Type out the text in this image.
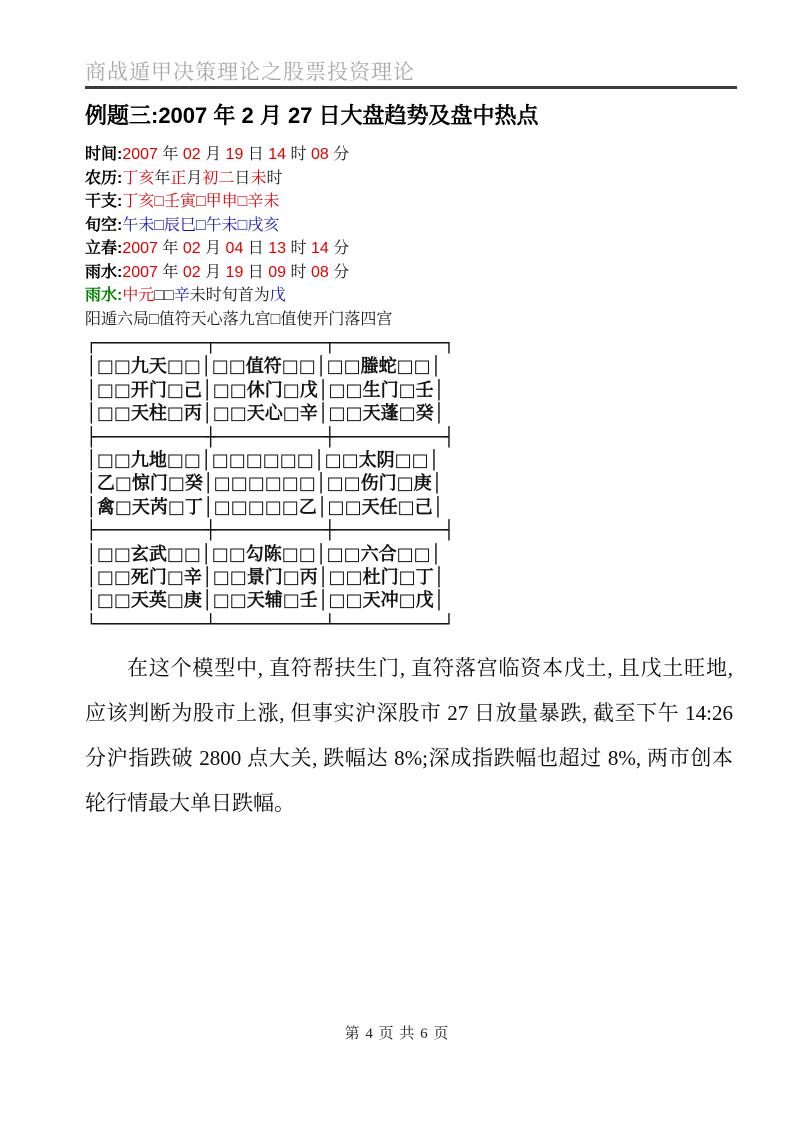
商战遁甲决策理论之股票投资理论
例题三:2007 年 2 月 27 日大盘趋势及盘中热点
时间:2007 年 02 月 19 日 14 时 08 分
农历:丁亥年正月初二日未时
干支:丁亥□壬寅□甲申□辛未
旬空:午未□辰巳□午未□戌亥
立春:2007 年 02 月 04 日 13 时 14 分
雨水:2007 年 02 月 19 日 09 时 08 分
雨水:中元□□辛未时旬首为戊
阳遁六局□值符天心落九宫□值使开门落四宫
┌──────────┬──────────┬──────────┐
│□□九天□□│□□值符□□│□□螣蛇□□│
│□□开门□己│□□休门□戊│□□生门□壬│
│□□天柱□丙│□□天心□辛│□□天蓬□癸│
├──────────┼──────────┼──────────┤
│□□九地□□│□□□□□□│□□太阴□□│
│乙□惊门□癸│□□□□□□│□□伤门□庚│
│禽□天芮□丁│□□□□□乙│□□天任□己│
├──────────┼──────────┼──────────┤
│□□玄武□□│□□勾陈□□│□□六合□□│
│□□死门□辛│□□景门□丙│□□杜门□丁│
│□□天英□庚│□□天辅□壬│□□天冲□戊│
└──────────┴──────────┴──────────┘
在这个模型中, 直符帮扶生门, 直符落宫临资本戊土, 且戊土旺地, 应该判断为股市上涨, 但事实沪深股市 27 日放量暴跌, 截至下午 14:26 分沪指跌破 2800 点大关, 跌幅达 8%;深成指跌幅也超过 8%, 两市创本轮行情最大单日跌幅。
第 4 页 共 6 页
